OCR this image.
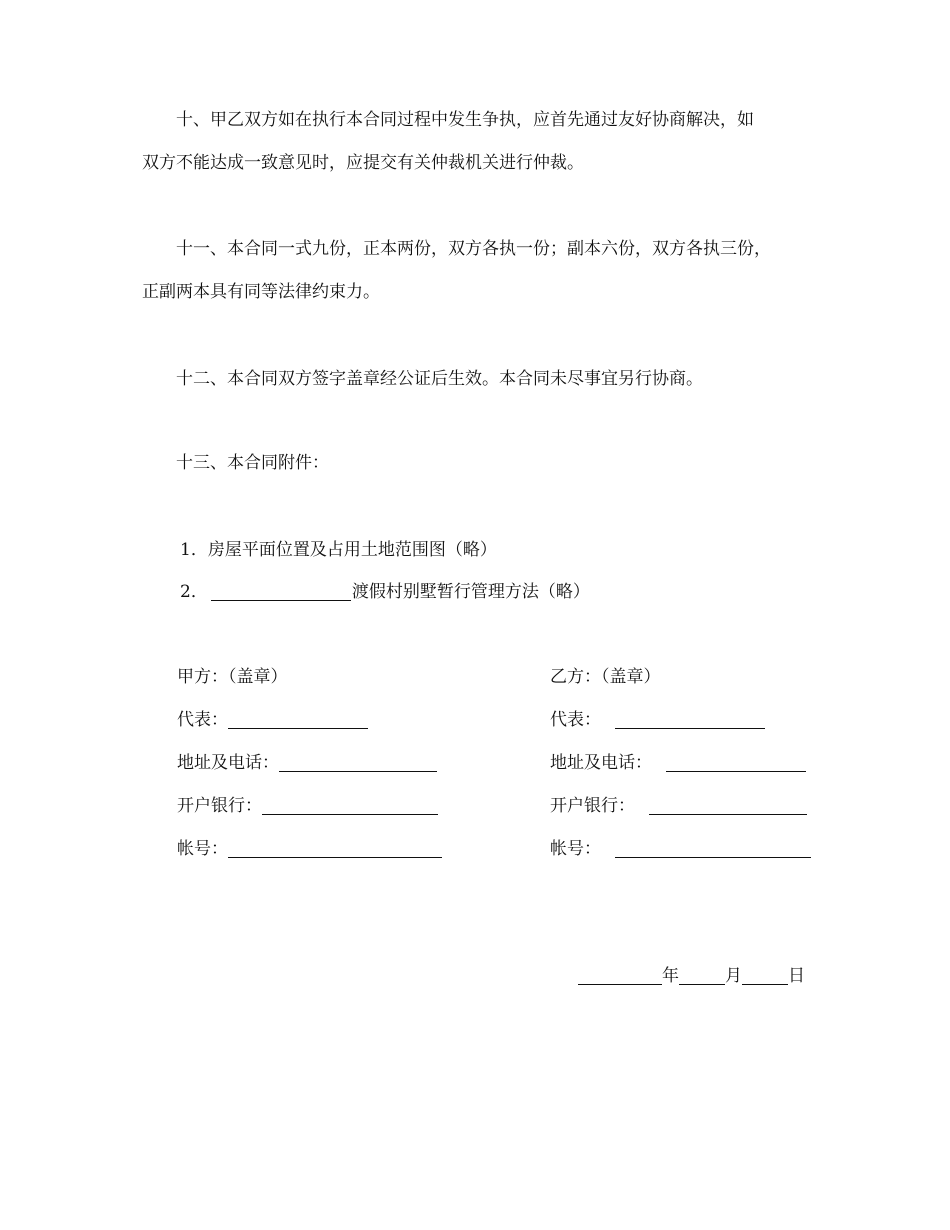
十、甲乙双方如在执行本合同过程中发生争执，应首先通过友好协商解决，如
双方不能达成一致意见时，应提交有关仲裁机关进行仲裁。
十一、本合同一式九份，正本两份，双方各执一份；副本六份，双方各执三份，
正副两本具有同等法律约束力。
十二、本合同双方签字盖章经公证后生效。本合同未尽事宜另行协商。
十三、本合同附件：
1．房屋平面位置及占用土地范围图（略）
2．	渡假村别墅暂行管理方法（略）
甲方：（盖章）
代表：
地址及电话：
开户银行：
帐号：
乙方：（盖章）
代表：
地址及电话：
开户银行：
帐号：
年	月	日
